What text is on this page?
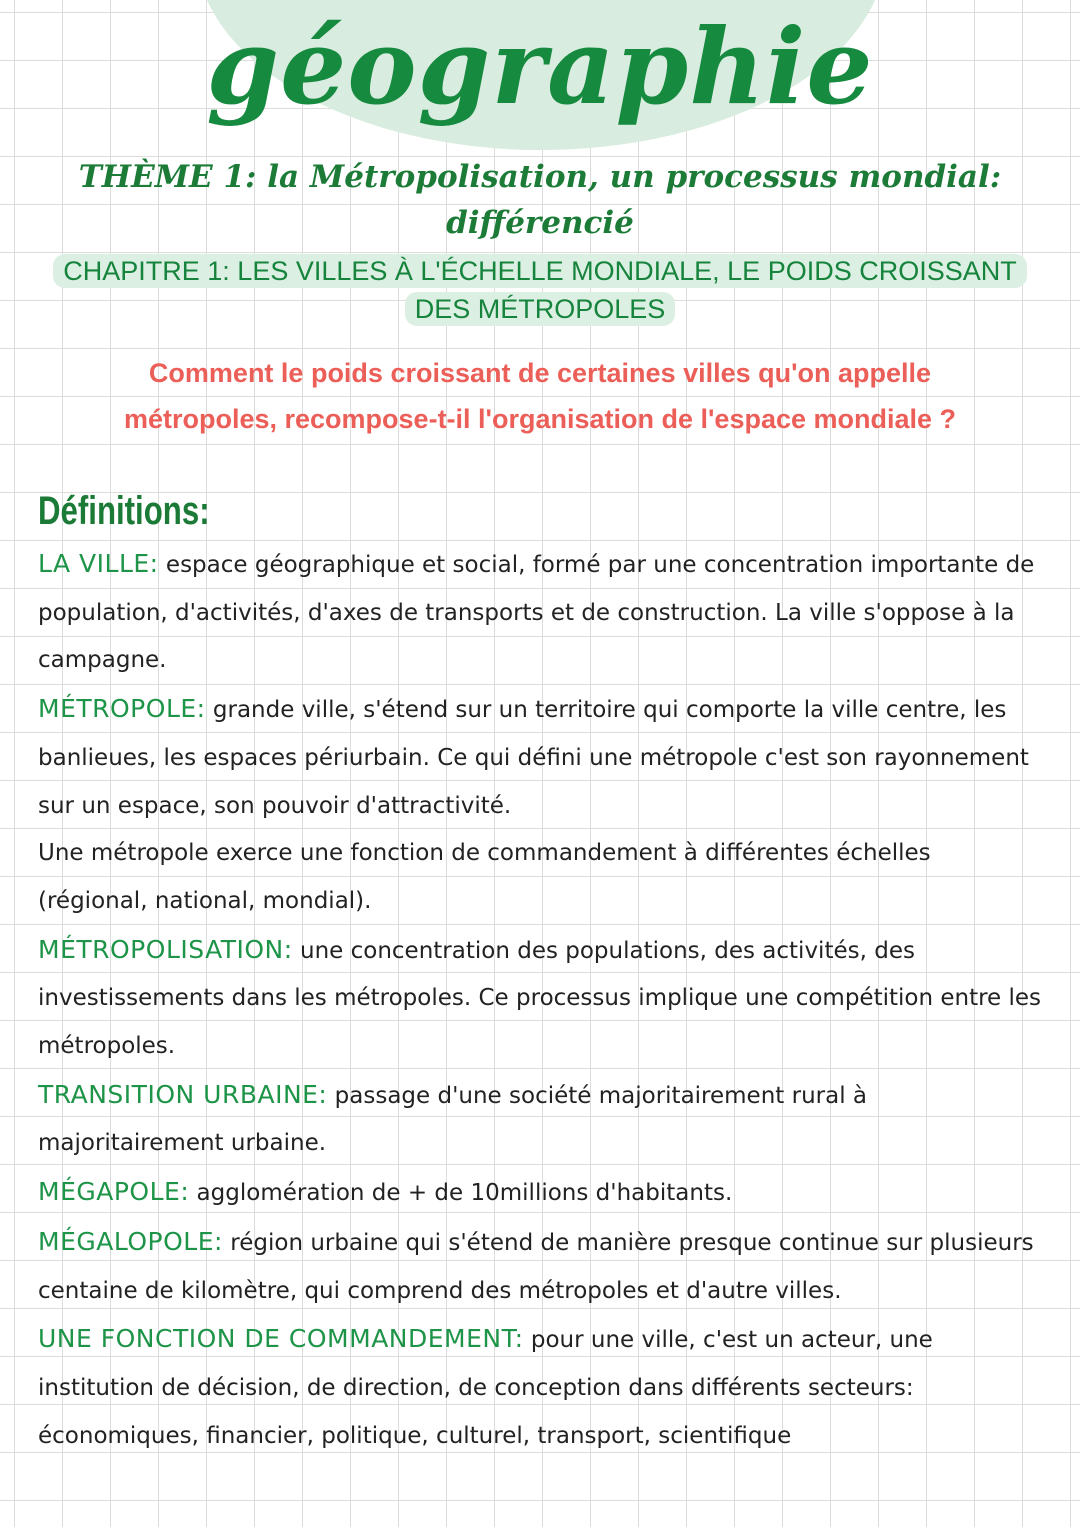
géographie
THÈME 1: la Métropolisation, un processus mondial:
différencié
CHAPITRE 1: LES VILLES À L'ÉCHELLE MONDIALE, LE POIDS CROISSANT
DES MÉTROPOLES
Comment le poids croissant de certaines villes qu'on appelle
métropoles, recompose-t-il l'organisation de l'espace mondiale ?
Définitions:

LA VILLE: espace géographique et social, formé par une concentration importante de population, d'activités, d'axes de transports et de construction. La ville s'oppose à la campagne.

MÉTROPOLE: grande ville, s'étend sur un territoire qui comporte la ville centre, les banlieues, les espaces périurbain. Ce qui défini une métropole c'est son rayonnement sur un espace, son pouvoir d'attractivité.

Une métropole exerce une fonction de commandement à différentes échelles (régional, national, mondial).

MÉTROPOLISATION: une concentration des populations, des activités, des investissements dans les métropoles. Ce processus implique une compétition entre les métropoles.

TRANSITION URBAINE: passage d'une société majoritairement rural à majoritairement urbaine.

MÉGAPOLE: agglomération de + de 10millions d'habitants.

MÉGALOPOLE: région urbaine qui s'étend de manière presque continue sur plusieurs centaine de kilomètre, qui comprend des métropoles et d'autre villes.

UNE FONCTION DE COMMANDEMENT: pour une ville, c'est un acteur, une institution de décision, de direction, de conception dans différents secteurs: économiques, financier, politique, culturel, transport, scientifique
